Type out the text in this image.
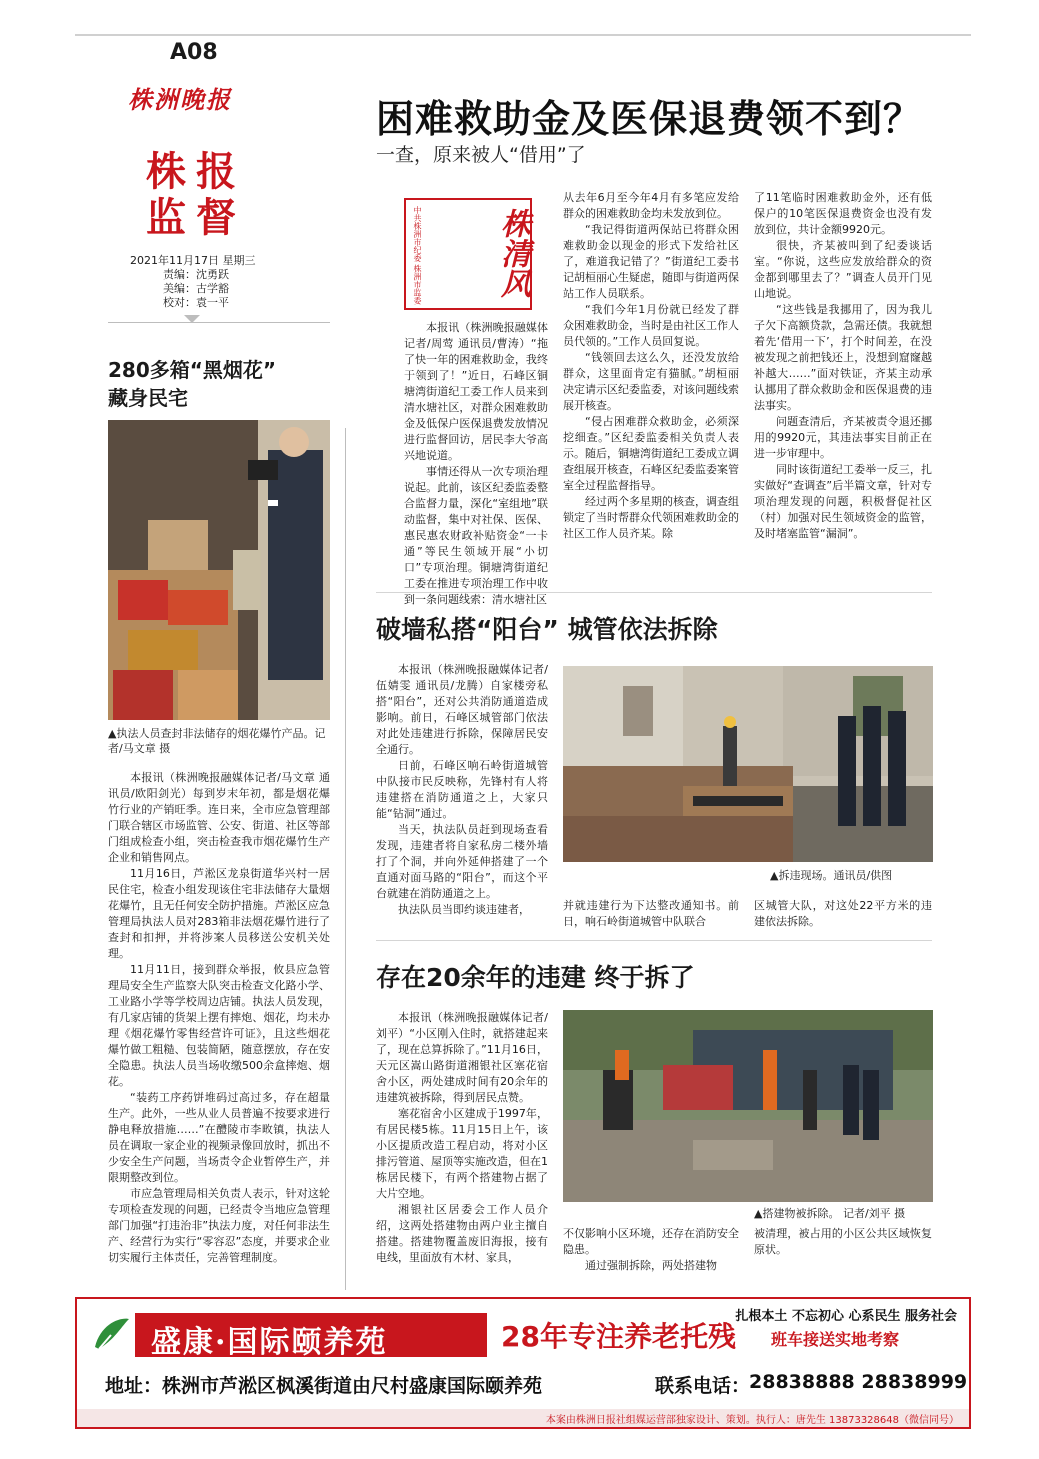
A08
株洲晚报
株 报
监 督
2021年11月17日 星期三
责编：沈勇跃
美编：古学豁
校对：袁一平
困难救助金及医保退费领不到？
一查，原来被人“借用”了
中共株洲市纪委 株洲市监委	株清风

本报讯（株洲晚报融媒体记者/周莺 通讯员/曹涛）“拖了快一年的困难救助金，我终于领到了！”近日，石峰区铜塘湾街道纪工委工作人员来到清水塘社区，对群众困难救助金及低保户医保退费发放情况进行监督回访，居民李大爷高兴地说道。

事情还得从一次专项治理说起。此前，该区纪委监委整合监督力量，深化“室组地”联动监督，集中对社保、医保、惠民惠农财政补贴资金“一卡通”等民生领域开展“小切口”专项治理。铜塘湾街道纪工委在推进专项治理工作中收到一条问题线索：清水塘社区

从去年6月至今年4月有多笔应发给群众的困难救助金均未发放到位。

“我记得街道两保站已将群众困难救助金以现金的形式下发给社区了，难道我记错了？”街道纪工委书记胡桓丽心生疑虑，随即与街道两保站工作人员联系。

“我们今年1月份就已经发了群众困难救助金，当时是由社区工作人员代领的。”工作人员回复说。

“钱领回去这么久，还没发放给群众，这里面肯定有猫腻。”胡桓丽决定请示区纪委监委，对该问题线索展开核查。

“侵占困难群众救助金，必须深挖细查。”区纪委监委相关负责人表示。随后，铜塘湾街道纪工委成立调查组展开核查，石峰区纪委监委案管室全过程监督指导。

经过两个多星期的核查，调查组锁定了当时帮群众代领困难救助金的社区工作人员齐某。除

了11笔临时困难救助金外，还有低保户的10笔医保退费资金也没有发放到位，共计金额9920元。

很快，齐某被叫到了纪委谈话室。“你说，这些应发放给群众的资金都到哪里去了？”调查人员开门见山地说。

“这些钱是我挪用了，因为我儿子欠下高额贷款，急需还债。我就想着先‘借用一下’，打个时间差，在没被发现之前把钱还上，没想到窟窿越补越大……”面对铁证，齐某主动承认挪用了群众救助金和医保退费的违法事实。

问题查清后，齐某被责令退还挪用的9920元，其违法事实目前正在进一步审理中。

同时该街道纪工委举一反三，扎实做好“查调查”后半篇文章，针对专项治理发现的问题，积极督促社区（村）加强对民生领域资金的监管，及时堵塞监管“漏洞”。

280多箱“黑烟花”
藏身民宅
▲执法人员查封非法储存的烟花爆竹产品。记者/马文章 摄

本报讯（株洲晚报融媒体记者/马文章 通讯员/欧阳剑光）每到岁末年初，都是烟花爆竹行业的产销旺季。连日来，全市应急管理部门联合辖区市场监管、公安、街道、社区等部门组成检查小组，突击检查我市烟花爆竹生产企业和销售网点。

11月16日，芦淞区龙泉街道华兴村一居民住宅，检查小组发现该住宅非法储存大量烟花爆竹，且无任何安全防护措施。芦淞区应急管理局执法人员对283箱非法烟花爆竹进行了查封和扣押，并将涉案人员移送公安机关处理。

11月11日，接到群众举报，攸县应急管理局安全生产监察大队突击检查文化路小学、工业路小学等学校周边店铺。执法人员发现，有几家店铺的货架上摆有摔炮、烟花，均未办理《烟花爆竹零售经营许可证》，且这些烟花爆竹做工粗糙、包装简陋，随意摆放，存在安全隐患。执法人员当场收缴500余盒摔炮、烟花。

“装药工序药饼堆码过高过多，存在超量生产。此外，一些从业人员普遍不按要求进行静电释放措施……”在醴陵市李畋镇，执法人员在调取一家企业的视频录像回放时，抓出不少安全生产问题，当场责令企业暂停生产，并限期整改到位。

市应急管理局相关负责人表示，针对这轮专项检查发现的问题，已经责令当地应急管理部门加强“打违治非”执法力度，对任何非法生产、经营行为实行“零容忍”态度，并要求企业切实履行主体责任，完善管理制度。

破墙私搭“阳台” 城管依法拆除

本报讯（株洲晚报融媒体记者/伍婧雯 通讯员/龙腾）自家楼旁私搭“阳台”，还对公共消防通道造成影响。前日，石峰区城管部门依法对此处违建进行拆除，保障居民安全通行。

日前，石峰区响石岭街道城管中队接市民反映称，先锋村有人将违建搭在消防通道之上，大家只能“钻洞”通过。

当天，执法队员赶到现场查看发现，违建者将自家私房二楼外墙打了个洞，并向外延伸搭建了一个直通对面马路的“阳台”，而这个平台就建在消防通道之上。

执法队员当即约谈违建者，

▲拆违现场。通讯员/供图

并就违建行为下达整改通知书。前日，响石岭街道城管中队联合

区城管大队，对这处22平方米的违建依法拆除。

存在20余年的违建 终于拆了

本报讯（株洲晚报融媒体记者/刘平）“小区刚入住时，就搭建起来了，现在总算拆除了。”11月16日，天元区嵩山路街道湘银社区塞花宿舍小区，两处建成时间有20余年的违建筑被拆除，得到居民点赞。

塞花宿舍小区建成于1997年，有居民楼5栋。11月15日上午，该小区提质改造工程启动，将对小区排污管道、屋顶等实施改造，但在1栋居民楼下，有两个搭建物占据了大片空地。

湘银社区居委会工作人员介绍，这两处搭建物由两户业主擅自搭建。搭建物覆盖废旧海报，接有电线，里面放有木材、家具，

▲搭建物被拆除。 记者/刘平 摄

不仅影响小区环境，还存在消防安全隐患。

通过强制拆除，两处搭建物

被清理，被占用的小区公共区域恢复原状。

扎根本土 不忘初心 心系民生 服务社会
盛康·国际颐养苑	28年专注养老托残 班车接送实地考察
地址：株洲市芦淞区枫溪街道由尺村盛康国际颐养苑	联系电话：
28838888 28838999
本案由株洲日报社组媒运营部独家设计、策划。执行人：唐先生 13873328648（微信同号）
